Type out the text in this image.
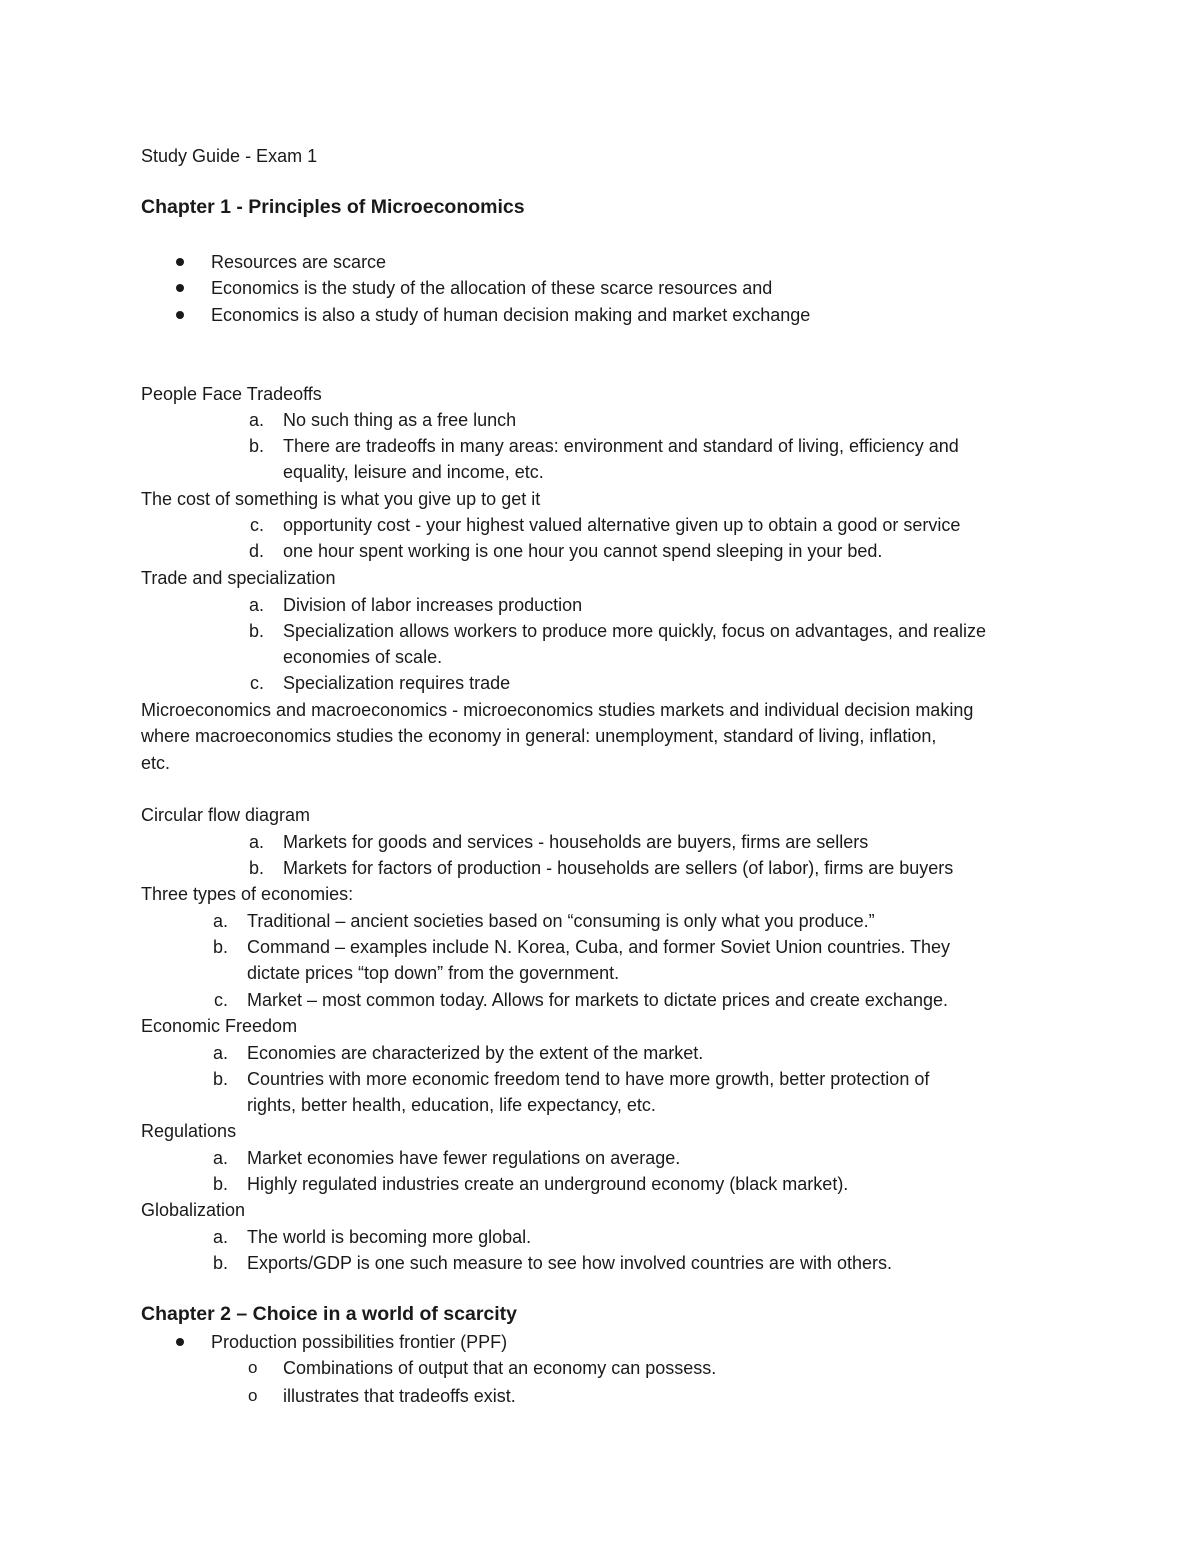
Study Guide - Exam 1
Chapter 1 - Principles of Microeconomics
Resources are scarce
Economics is the study of the allocation of these scarce resources and
Economics is also a study of human decision making and market exchange
People Face Tradeoffs
a. No such thing as a free lunch
b. There are tradeoffs in many areas: environment and standard of living, efficiency and
equality, leisure and income, etc.
The cost of something is what you give up to get it
c. opportunity cost - your highest valued alternative given up to obtain a good or service
d. one hour spent working is one hour you cannot spend sleeping in your bed.
Trade and specialization
a. Division of labor increases production
b. Specialization allows workers to produce more quickly, focus on advantages, and realize
economies of scale.
c. Specialization requires trade
Microeconomics and macroeconomics - microeconomics studies markets and individual decision making
where macroeconomics studies the economy in general: unemployment, standard of living, inflation,
etc.
Circular flow diagram
a. Markets for goods and services - households are buyers, firms are sellers
b. Markets for factors of production - households are sellers (of labor), firms are buyers
Three types of economies:
a. Traditional – ancient societies based on “consuming is only what you produce.”
b. Command – examples include N. Korea, Cuba, and former Soviet Union countries. They
dictate prices “top down” from the government.
c. Market – most common today. Allows for markets to dictate prices and create exchange.
Economic Freedom
a. Economies are characterized by the extent of the market.
b. Countries with more economic freedom tend to have more growth, better protection of
rights, better health, education, life expectancy, etc.
Regulations
a. Market economies have fewer regulations on average.
b. Highly regulated industries create an underground economy (black market).
Globalization
a. The world is becoming more global.
b. Exports/GDP is one such measure to see how involved countries are with others.
Chapter 2 – Choice in a world of scarcity
Production possibilities frontier (PPF)
o Combinations of output that an economy can possess.
o illustrates that tradeoffs exist.
